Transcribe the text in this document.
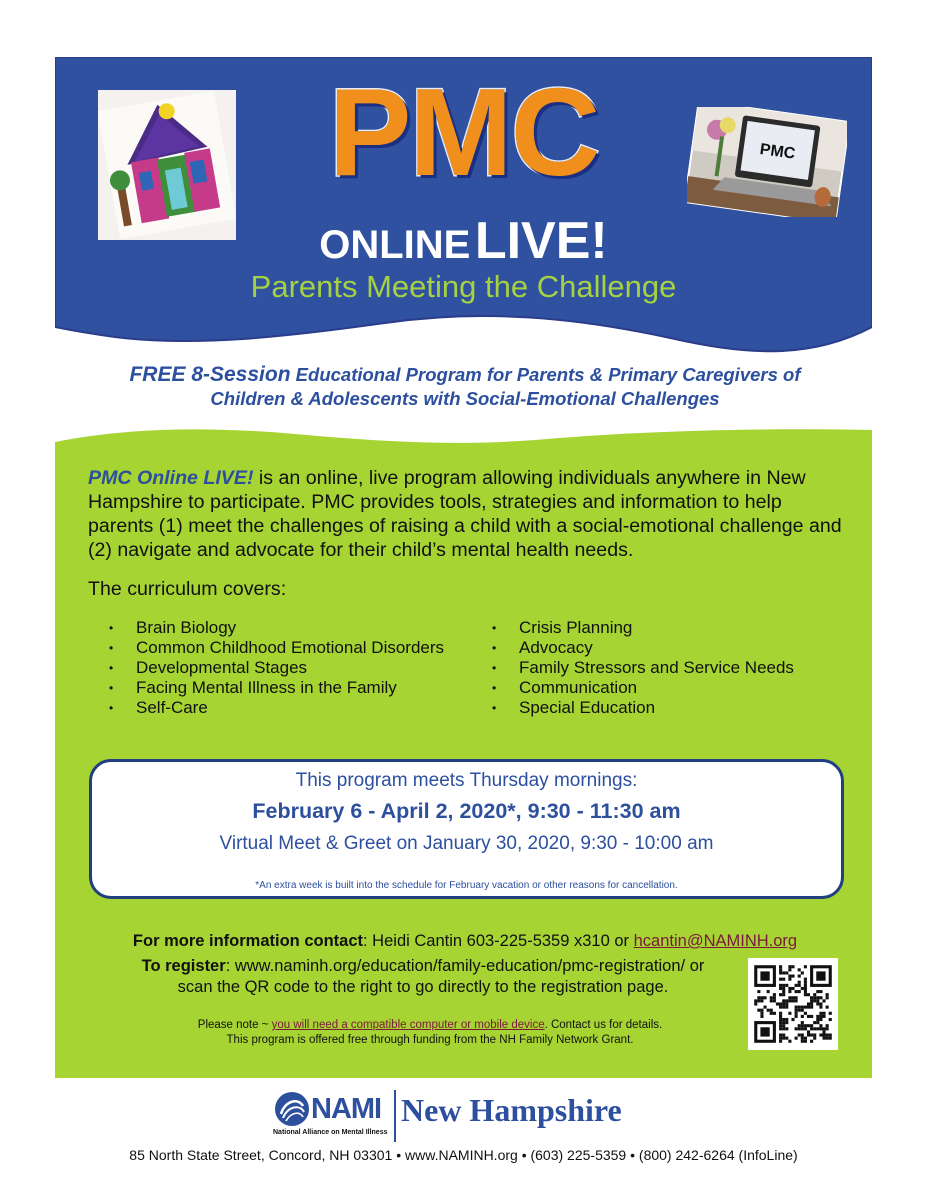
PMC
ONLINE LIVE!
Parents Meeting the Challenge
PMC
FREE 8-Session Educational Program for Parents & Primary Caregivers of
Children & Adolescents with Social-Emotional Challenges
PMC Online LIVE! is an online, live program allowing individuals anywhere in New Hampshire to participate. PMC provides tools, strategies and information to help parents (1) meet the challenges of raising a child with a social-emotional challenge and (2) navigate and advocate for their child’s mental health needs.
The curriculum covers:
• Brain Biology
• Common Childhood Emotional Disorders
• Developmental Stages
• Facing Mental Illness in the Family
• Self-Care
• Crisis Planning
• Advocacy
• Family Stressors and Service Needs
• Communication
• Special Education
This program meets Thursday mornings:
February 6 - April 2, 2020*, 9:30 - 11:30 am
Virtual Meet & Greet on January 30, 2020, 9:30 - 10:00 am
*An extra week is built into the schedule for February vacation or other reasons for cancellation.
For more information contact: Heidi Cantin 603-225-5359 x310 or hcantin@NAMINH.org
To register: www.naminh.org/education/family-education/pmc-registration/ or
scan the QR code to the right to go directly to the registration page.
Please note ~ you will need a compatible computer or mobile device. Contact us for details.
This program is offered free through funding from the NH Family Network Grant.
NAMI
National Alliance on Mental Illness
New Hampshire
85 North State Street, Concord, NH 03301 • www.NAMINH.org • (603) 225-5359 • (800) 242-6264 (InfoLine)
